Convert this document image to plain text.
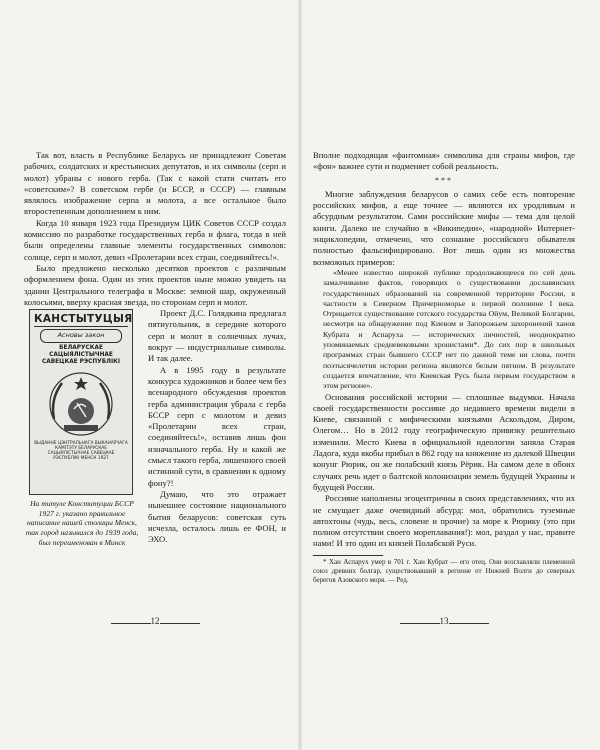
Так вот, власть в Республике Беларусь не принадлежит Советам рабочих, солдатских и крестьянских депутатов, и их символы (серп и молот) убраны с нового герба. (Так с какой стати считать его «советским»? В советском гербе (и БССР, и СССР) — главным являлось изображение серпа и молота, а все остальное было второстепенным дополнением к ним.

Когда 10 января 1923 года Президиум ЦИК Советов СССР создал комиссию по разработке государственных герба и флага, тогда в ней были определены главные элементы государственных символов: солнце, серп и молот, девиз «Пролетарии всех стран, соединяйтесь!».

Было предложено несколько десятков проектов с различным оформлением фона. Один из этих проектов ныне можно увидеть на здании Центрального телеграфа в Москве: земной шар, окруженный колосьями, вверху красная звезда, по сторонам серп и молот.

КАНСТЫТУЦЫЯ
Асновы закон
БЕЛАРУСКАЕ САЦЫЯЛІСТЫЧНАЕ САВЕЦКАЕ РЭСПУБЛІКІ
ВЫДАННЕ ЦЭНТРАЛЬНАГА ВЫКАНАЎЧАГА КАМІТЭТУ БЕЛАРУСКАЕ САЦЫЯЛІСТЫЧНАЕ САВЕЦКАЕ РЭСПУБЛІКІ МЕНСК 1927
На титуле Конституции БССР 1927 г. указано правильное написание нашей столицы Менск, так город назывался до 1939 года, был переименован в Минск

Проект Д.С. Голядкина предлагал пятиугольник, в середине которого серп и молот в солнечных лучах, вокруг — индустриальные символы. И так далее.

А в 1995 году в результате конкурса художников и более чем без всенародного обсуждения проектов герба администрация убрала с герба БССР серп с молотом и девиз «Пролетарии всех стран, соединяйтесь!», оставив лишь фон изначального герба. Ну и какой же смысл такого герба, лишенного своей истинной сути, в сравнении к одному фону?!

Думаю, что это отражает нынешнее состояние национального бытия беларусов: советская суть исчезла, осталось лишь ее ФОН, и ЭХО.

12

Вполне подходящая «фантомная» символика для страны мифов, где «фон» важнее сути и подменяет собой реальность.

***

Многие заблуждения беларусов о самих себе есть повторение российских мифов, а еще точнее — являются их уродливым и абсурдным результатом. Сами российские мифы — тема для целой книги. Далеко не случайно в «Википедии», «народной» Интернет-энциклопедии, отмечено, что сознание российского обывателя полностью фальсифицировано. Вот лишь один из множества возможных примеров:

«Менее известно широкой публике продолжающееся по сей день замалчивание фактов, говорящих о существовании дославянских государственных образований на современной территории России, в частности в Северном Причерноморье в первой половине I века. Отрицается существование готского государства Ойум, Великой Болгарии, несмотря на обнаружение под Киевом и Запорожьем захоронений ханов Кубрата и Аспаруха — исторических личностей, неоднократно упоминаемых средневековыми хронистами*. До сих пор в школьных программах стран бывшего СССР нет по данной теме ни слова, почти поэтысячелетия истории региона являются белым пятном. В результате создается впечатление, что Киевская Русь была первым государством в этом регионе».

Основания российской истории — сплошные выдумки. Начала своей государственности россияне до недавнего времени видели в Киеве, связанной с мифическими князьями Аскольдом, Диром, Олегом… Но в 2012 году географическую привязку решительно изменили. Место Киева в официальной идеологии заняла Старая Ладога, куда якобы прибыл в 862 году на княжение из далекой Швеции конунг Рюрик, он же полабский князь Рёрик. На самом деле в обоих случаях речь идет о балтской колонизации земель будущей Украины и будущей России.

Россияне наполнены эгоцентричны в своих представлениях, что их не смущает даже очевидный абсурд: мол, обратились туземные автохтоны (чудь, весь, словене и прочие) за море к Рюрику (это при полном отсутствии своего мореплавания!): мол, раздал у нас, правите нами! И это один из князей Полабской Руси.

* Хан Аспарух умер в 701 г. Хан Кубрат — его отец. Они возглавляли племенной союз древних болгар, существовавший в регионе от Нижней Волги до северных берегов Азовского моря. — Ред.

13
